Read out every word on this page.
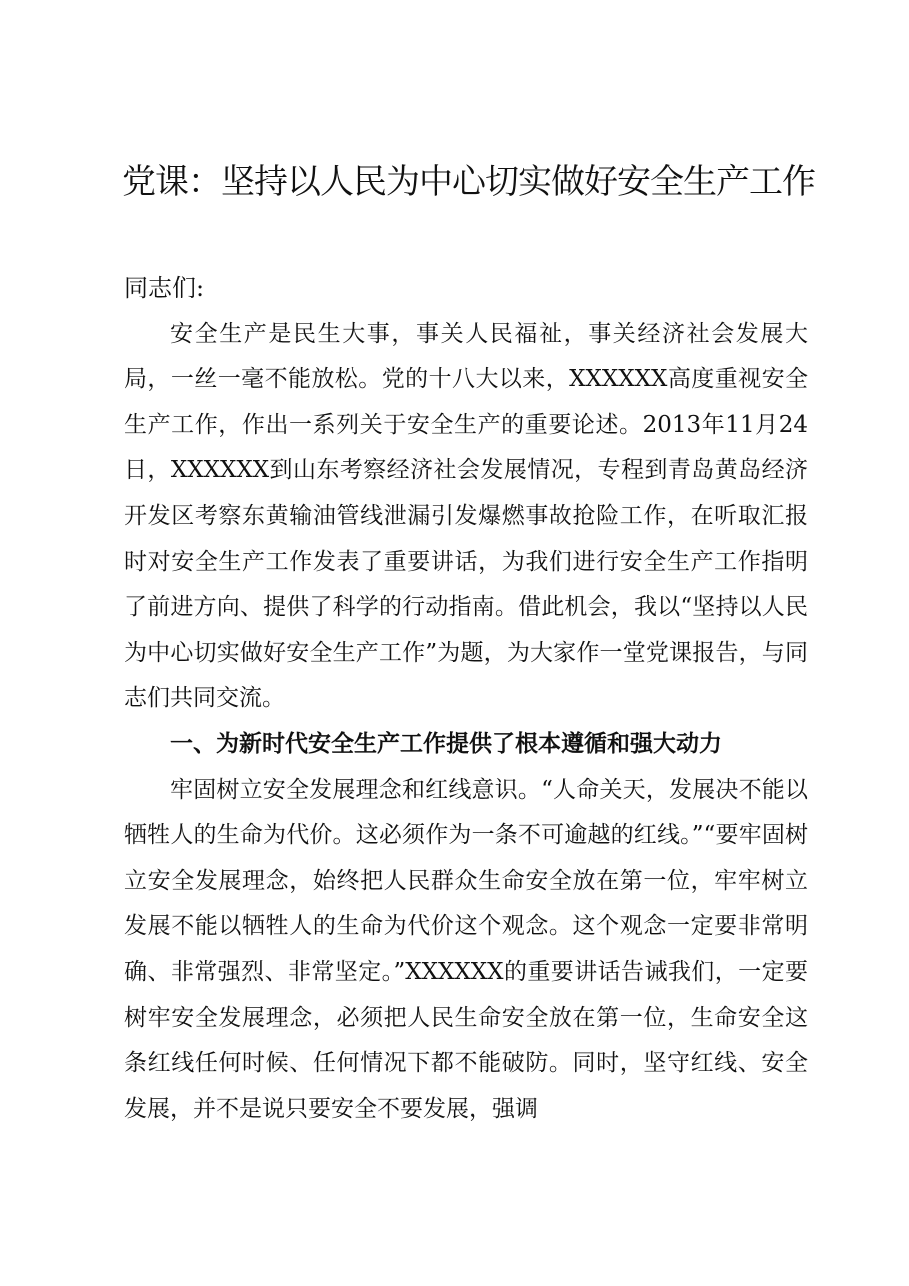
党课：坚持以人民为中心切实做好安全生产工作

同志们:

安全生产是民生大事，事关人民福祉，事关经济社会发展大局，一丝一毫不能放松。党的十八大以来，XXXXXX高度重视安全生产工作，作出一系列关于安全生产的重要论述。2013年11月24日，XXXXXX到山东考察经济社会发展情况，专程到青岛黄岛经济开发区考察东黄输油管线泄漏引发爆燃事故抢险工作，在听取汇报时对安全生产工作发表了重要讲话，为我们进行安全生产工作指明了前进方向、提供了科学的行动指南。借此机会，我以“坚持以人民为中心切实做好安全生产工作”为题，为大家作一堂党课报告，与同志们共同交流。

一、为新时代安全生产工作提供了根本遵循和强大动力

牢固树立安全发展理念和红线意识。“人命关天，发展决不能以牺牲人的生命为代价。这必须作为一条不可逾越的红线。”“要牢固树立安全发展理念，始终把人民群众生命安全放在第一位，牢牢树立发展不能以牺牲人的生命为代价这个观念。这个观念一定要非常明确、非常强烈、非常坚定。”XXXXXX的重要讲话告诫我们，一定要树牢安全发展理念，必须把人民生命安全放在第一位，生命安全这条红线任何时候、任何情况下都不能破防。同时，坚守红线、安全发展，并不是说只要安全不要发展，强调
